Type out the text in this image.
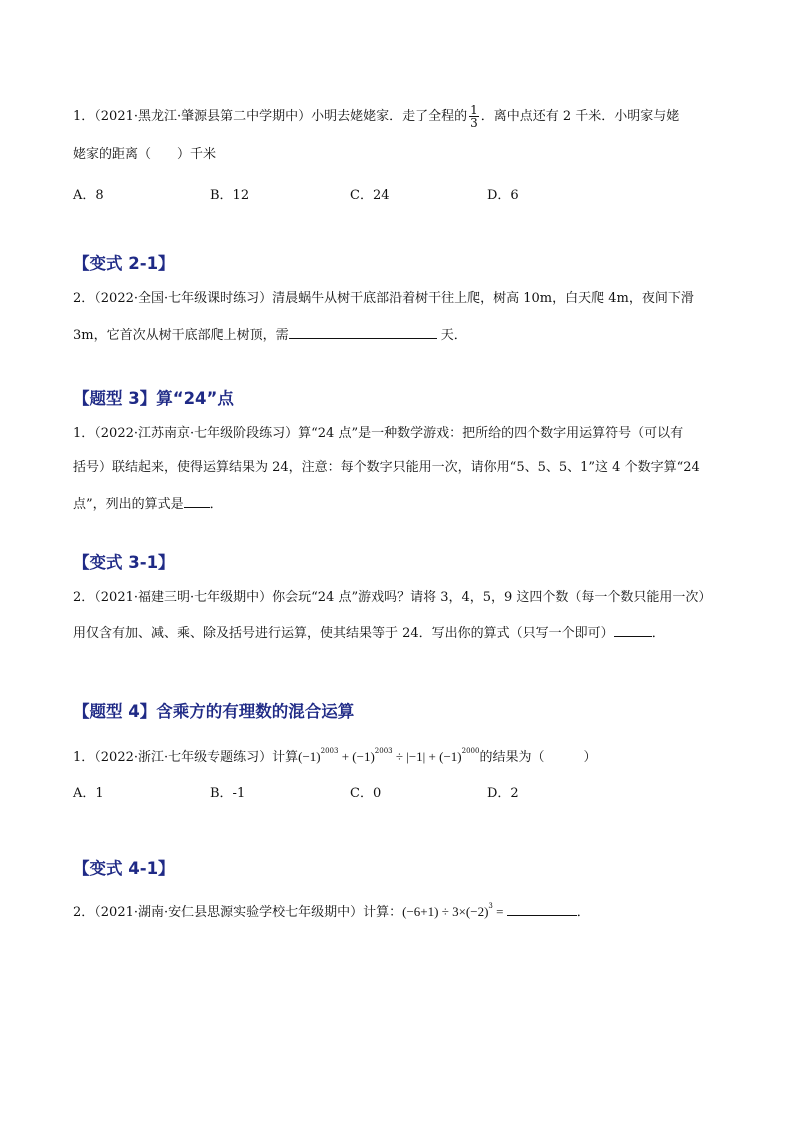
1．（2021·黑龙江·肇源县第二中学期中）小明去姥姥家．走了全程的 $\frac{1}{3}$ ．离中点还有 2 千米．小明家与姥
姥家的距离（　　）千米
A．8	B．12	C．24	D．6
【变式 2-1】
2．（2022·全国·七年级课时练习）清晨蜗牛从树干底部沿着树干往上爬，树高 10m，白天爬 4m，夜间下滑
3m，它首次从树干底部爬上树顶，需	天．
【题型 3】算“24”点
1．（2022·江苏南京·七年级阶段练习）算“24 点”是一种数学游戏：把所给的四个数字用运算符号（可以有
括号）联结起来，使得运算结果为 24，注意：每个数字只能用一次，请你用“5、5、5、1”这 4 个数字算“24
点”，列出的算式是 ．
【变式 3-1】
2．（2021·福建三明·七年级期中）你会玩“24 点”游戏吗？请将 3，4，5，9 这四个数（每一个数只能用一次）
用仅含有加、减、乘、除及括号进行运算，使其结果等于 24．写出你的算式（只写一个即可）	．
【题型 4】含乘方的有理数的混合运算
1．（2022·浙江·七年级专题练习）计算$(-1)^{2003} + (-1)^{2003} \div |-1| + (-1)^{2000}$的结果为（　　　）
A．1	B．-1	C．0	D．2
【变式 4-1】
2．（2021·湖南·安仁县思源实验学校七年级期中）计算：$(-6+1) \div 3\times(-2)^3$ =	．
